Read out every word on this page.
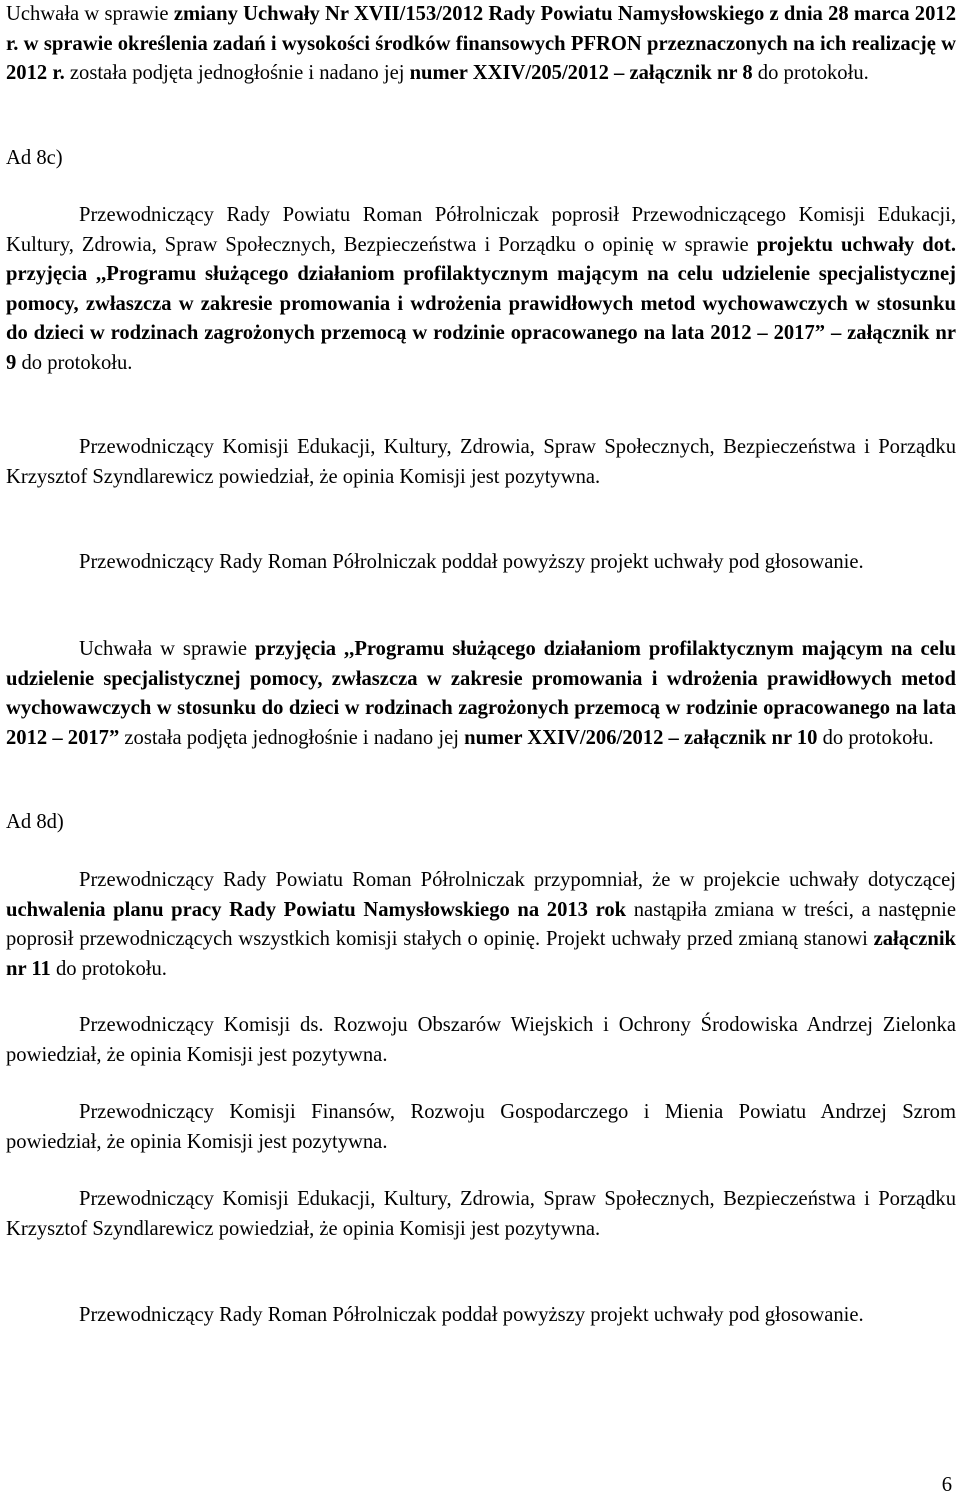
Uchwała w sprawie zmiany Uchwały Nr XVII/153/2012 Rady Powiatu Namysłowskiego z dnia 28 marca 2012 r. w sprawie określenia zadań i wysokości środków finansowych PFRON przeznaczonych na ich realizację w 2012 r. została podjęta jednogłośnie i nadano jej numer XXIV/205/2012 – załącznik nr 8 do protokołu.

Ad 8c)

Przewodniczący Rady Powiatu Roman Półrolniczak poprosił Przewodniczącego Komisji Edukacji, Kultury, Zdrowia, Spraw Społecznych, Bezpieczeństwa i Porządku o opinię w sprawie projektu uchwały dot. przyjęcia ,,Programu służącego działaniom profilaktycznym mającym na celu udzielenie specjalistycznej pomocy, zwłaszcza w zakresie promowania i wdrożenia prawidłowych metod wychowawczych w stosunku do dzieci w rodzinach zagrożonych przemocą w rodzinie opracowanego na lata 2012 – 2017” – załącznik nr 9 do protokołu.

Przewodniczący Komisji Edukacji, Kultury, Zdrowia, Spraw Społecznych, Bezpieczeństwa i Porządku Krzysztof Szyndlarewicz powiedział, że opinia Komisji jest pozytywna.

Przewodniczący Rady Roman Półrolniczak poddał powyższy projekt uchwały pod głosowanie.

Uchwała w sprawie przyjęcia ,,Programu służącego działaniom profilaktycznym mającym na celu udzielenie specjalistycznej pomocy, zwłaszcza w zakresie promowania i wdrożenia prawidłowych metod wychowawczych w stosunku do dzieci w rodzinach zagrożonych przemocą w rodzinie opracowanego na lata 2012 – 2017” została podjęta jednogłośnie i nadano jej numer XXIV/206/2012 – załącznik nr 10 do protokołu.

Ad 8d)

Przewodniczący Rady Powiatu Roman Półrolniczak przypomniał, że w projekcie uchwały dotyczącej uchwalenia planu pracy Rady Powiatu Namysłowskiego na 2013 rok nastąpiła zmiana w treści, a następnie poprosił przewodniczących wszystkich komisji stałych o opinię. Projekt uchwały przed zmianą stanowi załącznik nr 11 do protokołu.

Przewodniczący Komisji ds. Rozwoju Obszarów Wiejskich i Ochrony Środowiska Andrzej Zielonka powiedział, że opinia Komisji jest pozytywna.

Przewodniczący Komisji Finansów, Rozwoju Gospodarczego i Mienia Powiatu Andrzej Szrom powiedział, że opinia Komisji jest pozytywna.

Przewodniczący Komisji Edukacji, Kultury, Zdrowia, Spraw Społecznych, Bezpieczeństwa i Porządku Krzysztof Szyndlarewicz powiedział, że opinia Komisji jest pozytywna.

Przewodniczący Rady Roman Półrolniczak poddał powyższy projekt uchwały pod głosowanie.

6
